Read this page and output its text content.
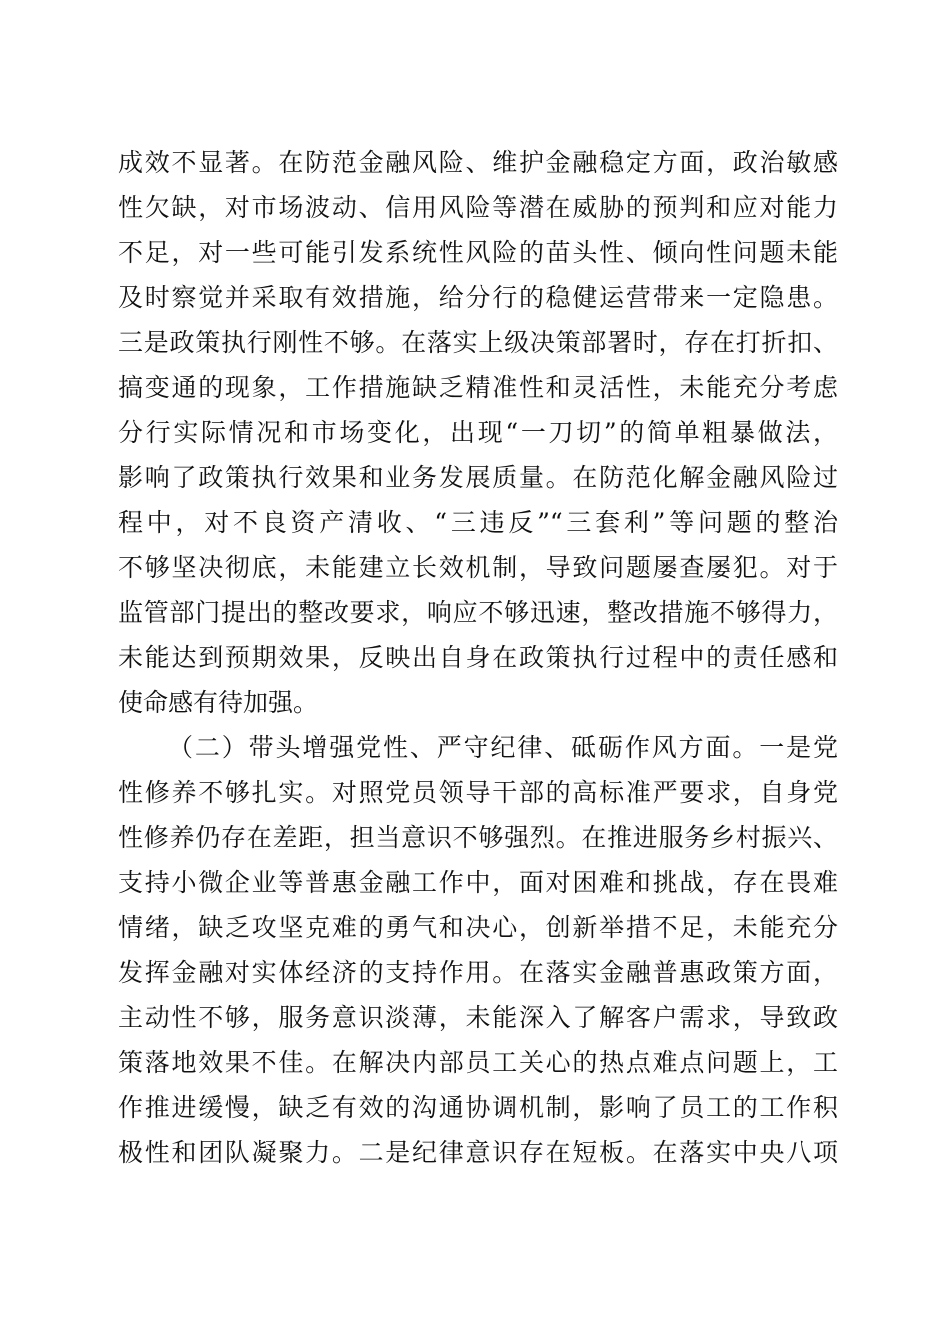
成效不显著。在防范金融风险、维护金融稳定方面，政治敏感
性欠缺，对市场波动、信用风险等潜在威胁的预判和应对能力
不足，对一些可能引发系统性风险的苗头性、倾向性问题未能
及时察觉并采取有效措施，给分行的稳健运营带来一定隐患。
三是政策执行刚性不够。在落实上级决策部署时，存在打折扣、
搞变通的现象，工作措施缺乏精准性和灵活性，未能充分考虑
分行实际情况和市场变化，出现“一刀切”的简单粗暴做法，
影响了政策执行效果和业务发展质量。在防范化解金融风险过
程中，对不良资产清收、“三违反”“三套利”等问题的整治
不够坚决彻底，未能建立长效机制，导致问题屡查屡犯。对于
监管部门提出的整改要求，响应不够迅速，整改措施不够得力，
未能达到预期效果，反映出自身在政策执行过程中的责任感和
使命感有待加强。
（二）带头增强党性、严守纪律、砥砺作风方面。一是党
性修养不够扎实。对照党员领导干部的高标准严要求，自身党
性修养仍存在差距，担当意识不够强烈。在推进服务乡村振兴、
支持小微企业等普惠金融工作中，面对困难和挑战，存在畏难
情绪，缺乏攻坚克难的勇气和决心，创新举措不足，未能充分
发挥金融对实体经济的支持作用。在落实金融普惠政策方面，
主动性不够，服务意识淡薄，未能深入了解客户需求，导致政
策落地效果不佳。在解决内部员工关心的热点难点问题上，工
作推进缓慢，缺乏有效的沟通协调机制，影响了员工的工作积
极性和团队凝聚力。二是纪律意识存在短板。在落实中央八项
